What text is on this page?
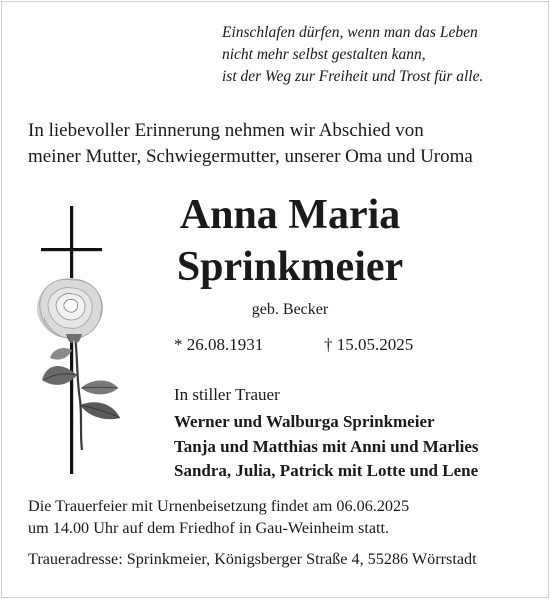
Einschlafen dürfen, wenn man das Leben
nicht mehr selbst gestalten kann,
ist der Weg zur Freiheit und Trost für alle.
In liebevoller Erinnerung nehmen wir Abschied von
meiner Mutter, Schwiegermutter, unserer Oma und Uroma
Anna Maria
Sprinkmeier
geb. Becker
* 26.08.1931	† 15.05.2025
In stiller Trauer
Werner und Walburga Sprinkmeier
Tanja und Matthias mit Anni und Marlies
Sandra, Julia, Patrick mit Lotte und Lene
Die Trauerfeier mit Urnenbeisetzung findet am 06.06.2025
um 14.00 Uhr auf dem Friedhof in Gau-Weinheim statt.
Traueradresse: Sprinkmeier, Königsberger Straße 4, 55286 Wörrstadt
